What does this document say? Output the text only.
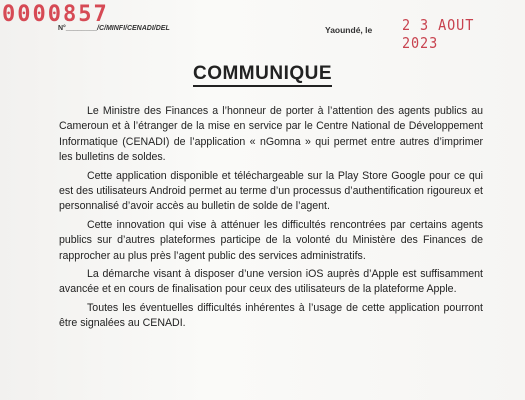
0000857
N°________/C/MINFI/CENADI/DEL	Yaoundé, le 2 3 AOUT 2023
COMMUNIQUE

Le Ministre des Finances a l’honneur de porter à l’attention des agents publics au Cameroun et à l’étranger de la mise en service par le Centre National de Développement Informatique (CENADI) de l’application « nGomna » qui permet entre autres d’imprimer les bulletins de soldes.

Cette application disponible et téléchargeable sur la Play Store Google pour ce qui est des utilisateurs Android permet au terme d’un processus d’authentification rigoureux et personnalisé d’avoir accès au bulletin de solde de l’agent.

Cette innovation qui vise à atténuer les difficultés rencontrées par certains agents publics sur d’autres plateformes participe de la volonté du Ministère des Finances de rapprocher au plus près l’agent public des services administratifs.

La démarche visant à disposer d’une version iOS auprès d’Apple est suffisamment avancée et en cours de finalisation pour ceux des utilisateurs de la plateforme Apple.

Toutes les éventuelles difficultés inhérentes à l’usage de cette application pourront être signalées au CENADI.
